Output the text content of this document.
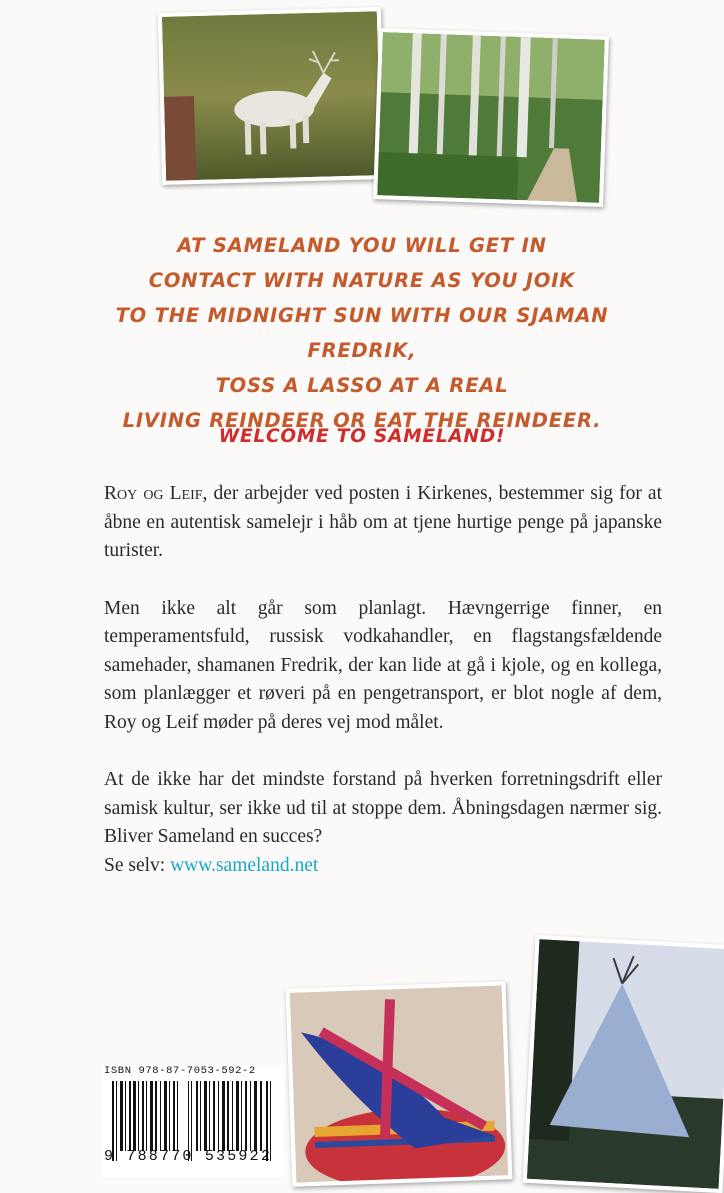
AT SAMELAND YOU WILL GET IN
CONTACT WITH NATURE AS YOU JOIK
TO THE MIDNIGHT SUN WITH OUR SJAMAN FREDRIK,
TOSS A LASSO AT A REAL
LIVING REINDEER OR EAT THE REINDEER.
WELCOME TO SAMELAND!

Roy og Leif, der arbejder ved posten i Kirkenes, bestemmer sig for at åbne en autentisk samelejr i håb om at tjene hurtige penge på japanske turister.

Men ikke alt går som planlagt. Hævngerrige finner, en temperamentsfuld, russisk vodkahandler, en flagstangsfældende samehader, shamanen Fredrik, der kan lide at gå i kjole, og en kollega, som planlægger et røveri på en pengetransport, er blot nogle af dem, Roy og Leif møder på deres vej mod målet.

At de ikke har det mindste forstand på hverken forretningsdrift eller samisk kultur, ser ikke ud til at stoppe dem. Åbningsdagen nærmer sig. Bliver Sameland en succes?

Se selv: www.sameland.net
ISBN 978-87-7053-592-2
9 788770 535922
